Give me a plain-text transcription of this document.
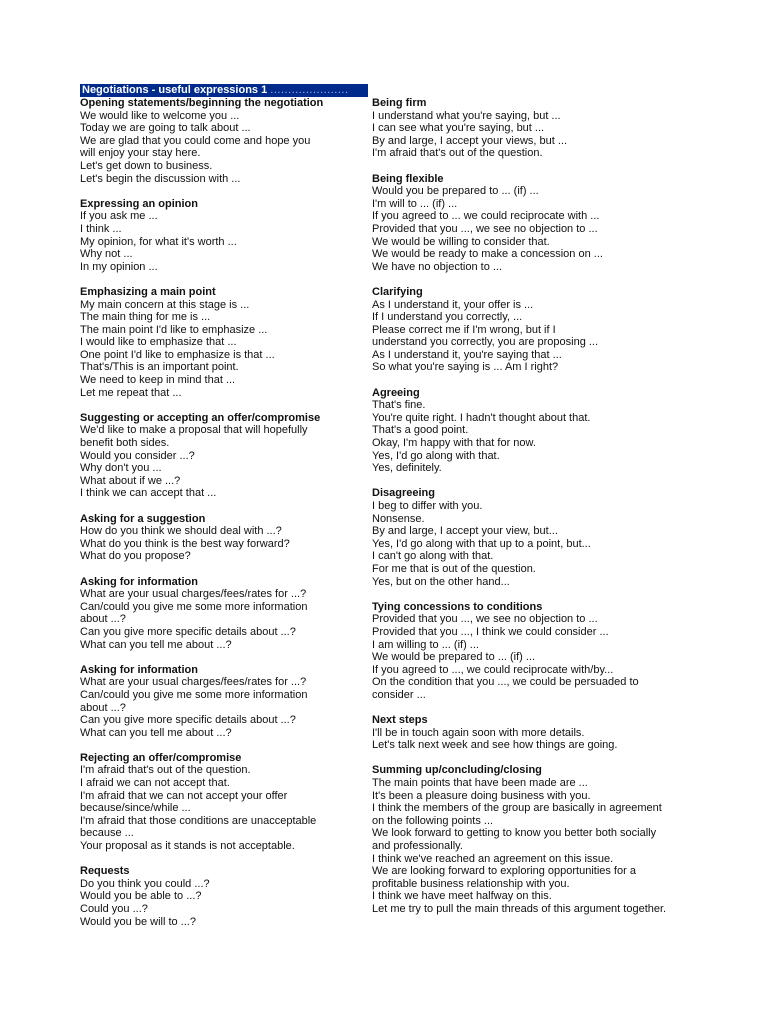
Negotiations - useful expressions 1 ......................
Opening statements/beginning the negotiation
We would like to welcome you ...
Today we are going to talk about ...
We are glad that you could come and hope you
will enjoy your stay here.
Let's get down to business.
Let's begin the discussion with ...
Expressing an opinion
If you ask me ...
I think ...
My opinion, for what it's worth ...
Why not ...
In my opinion ...
Emphasizing a main point
My main concern at this stage is ...
The main thing for me is ...
The main point I'd like to emphasize ...
I would like to emphasize that ...
One point I'd like to emphasize is that ...
That's/This is an important point.
We need to keep in mind that ...
Let me repeat that ...
Suggesting or accepting an offer/compromise
We'd like to make a proposal that will hopefully
benefit both sides.
Would you consider ...?
Why don't you ...
What about if we ...?
I think we can accept that ...
Asking for a suggestion
How do you think we should deal with ...?
What do you think is the best way forward?
What do you propose?
Asking for information
What are your usual charges/fees/rates for ...?
Can/could you give me some more information
about ...?
Can you give more specific details about ...?
What can you tell me about ...?
Asking for information
What are your usual charges/fees/rates for ...?
Can/could you give me some more information
about ...?
Can you give more specific details about ...?
What can you tell me about ...?
Rejecting an offer/compromise
I'm afraid that's out of the question.
I afraid we can not accept that.
I'm afraid that we can not accept your offer
because/since/while ...
I'm afraid that those conditions are unacceptable
because ...
Your proposal as it stands is not acceptable.
Requests
Do you think you could ...?
Would you be able to ...?
Could you ...?
Would you be will to ...?
Being firm
I understand what you're saying, but ...
I can see what you're saying, but ...
By and large, I accept your views, but ...
I'm afraid that's out of the question.
Being flexible
Would you be prepared to ... (if) ...
I'm will to ... (if) ...
If you agreed to ... we could reciprocate with ...
Provided that you ..., we see no objection to ...
We would be willing to consider that.
We would be ready to make a concession on ...
We have no objection to ...
Clarifying
As I understand it, your offer is ...
If I understand you correctly, ...
Please correct me if I'm wrong, but if I
understand you correctly, you are proposing ...
As I understand it, you're saying that ...
So what you're saying is ... Am I right?
Agreeing
That's fine.
You're quite right. I hadn't thought about that.
That's a good point.
Okay, I'm happy with that for now.
Yes, I'd go along with that.
Yes, definitely.
Disagreeing
I beg to differ with you.
Nonsense.
By and large, I accept your view, but...
Yes, I'd go along with that up to a point, but...
I can't go along with that.
For me that is out of the question.
Yes, but on the other hand...
Tying concessions to conditions
Provided that you ..., we see no objection to ...
Provided that you ..., I think we could consider ...
I am willing to ... (if) ...
We would be prepared to ... (if) ...
If you agreed to ..., we could reciprocate with/by...
On the condition that you ..., we could be persuaded to
consider ...
Next steps
I'll be in touch again soon with more details.
Let's talk next week and see how things are going.
Summing up/concluding/closing
The main points that have been made are ...
It's been a pleasure doing business with you.
I think the members of the group are basically in agreement
on the following points ...
We look forward to getting to know you better both socially
and professionally.
I think we've reached an agreement on this issue.
We are looking forward to exploring opportunities for a
profitable business relationship with you.
I think we have meet halfway on this.
Let me try to pull the main threads of this argument together.
